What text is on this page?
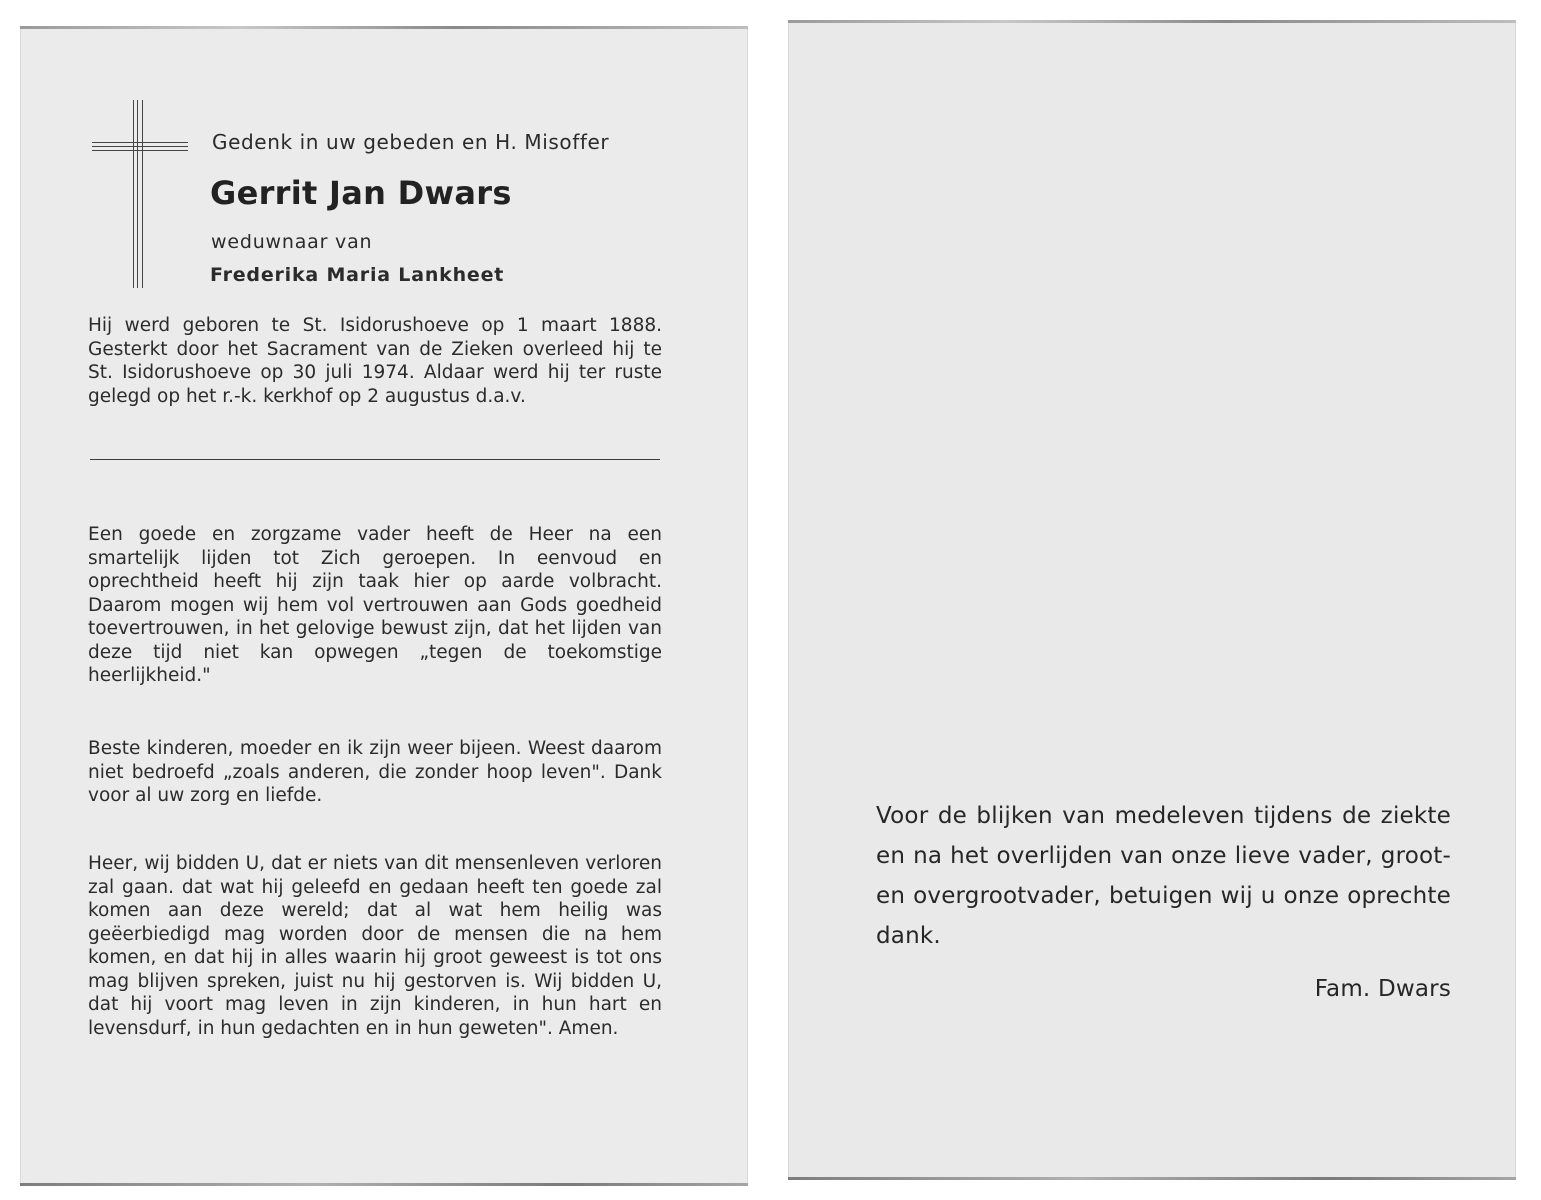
Gedenk in uw gebeden en H. Misoffer

Gerrit Jan Dwars

weduwnaar van

Frederika Maria Lankheet

Hij werd geboren te St. Isidorushoeve op 1 maart 1888. Gesterkt door het Sacrament van de Zieken overleed hij te St. Isidorushoeve op 30 juli 1974. Aldaar werd hij ter ruste gelegd op het r.-k. kerkhof op 2 augustus d.a.v.

Een goede en zorgzame vader heeft de Heer na een smartelijk lijden tot Zich geroepen. In eenvoud en oprechtheid heeft hij zijn taak hier op aarde volbracht. Daarom mogen wij hem vol vertrouwen aan Gods goedheid toevertrouwen, in het gelovige bewust zijn, dat het lijden van deze tijd niet kan opwegen „tegen de toekomstige heerlijkheid."

Beste kinderen, moeder en ik zijn weer bijeen. Weest daarom niet bedroefd „zoals anderen, die zonder hoop leven". Dank voor al uw zorg en liefde.

Heer, wij bidden U, dat er niets van dit mensenleven verloren zal gaan. dat wat hij geleefd en gedaan heeft ten goede zal komen aan deze wereld; dat al wat hem heilig was geëerbiedigd mag worden door de mensen die na hem komen, en dat hij in alles waarin hij groot geweest is tot ons mag blijven spreken, juist nu hij gestorven is. Wij bidden U, dat hij voort mag leven in zijn kinderen, in hun hart en levensdurf, in hun gedachten en in hun geweten". Amen.

Voor de blijken van medeleven tijdens de ziekte en na het overlijden van onze lieve vader, groot- en overgrootvader, betuigen wij u onze oprechte dank.

Fam. Dwars
